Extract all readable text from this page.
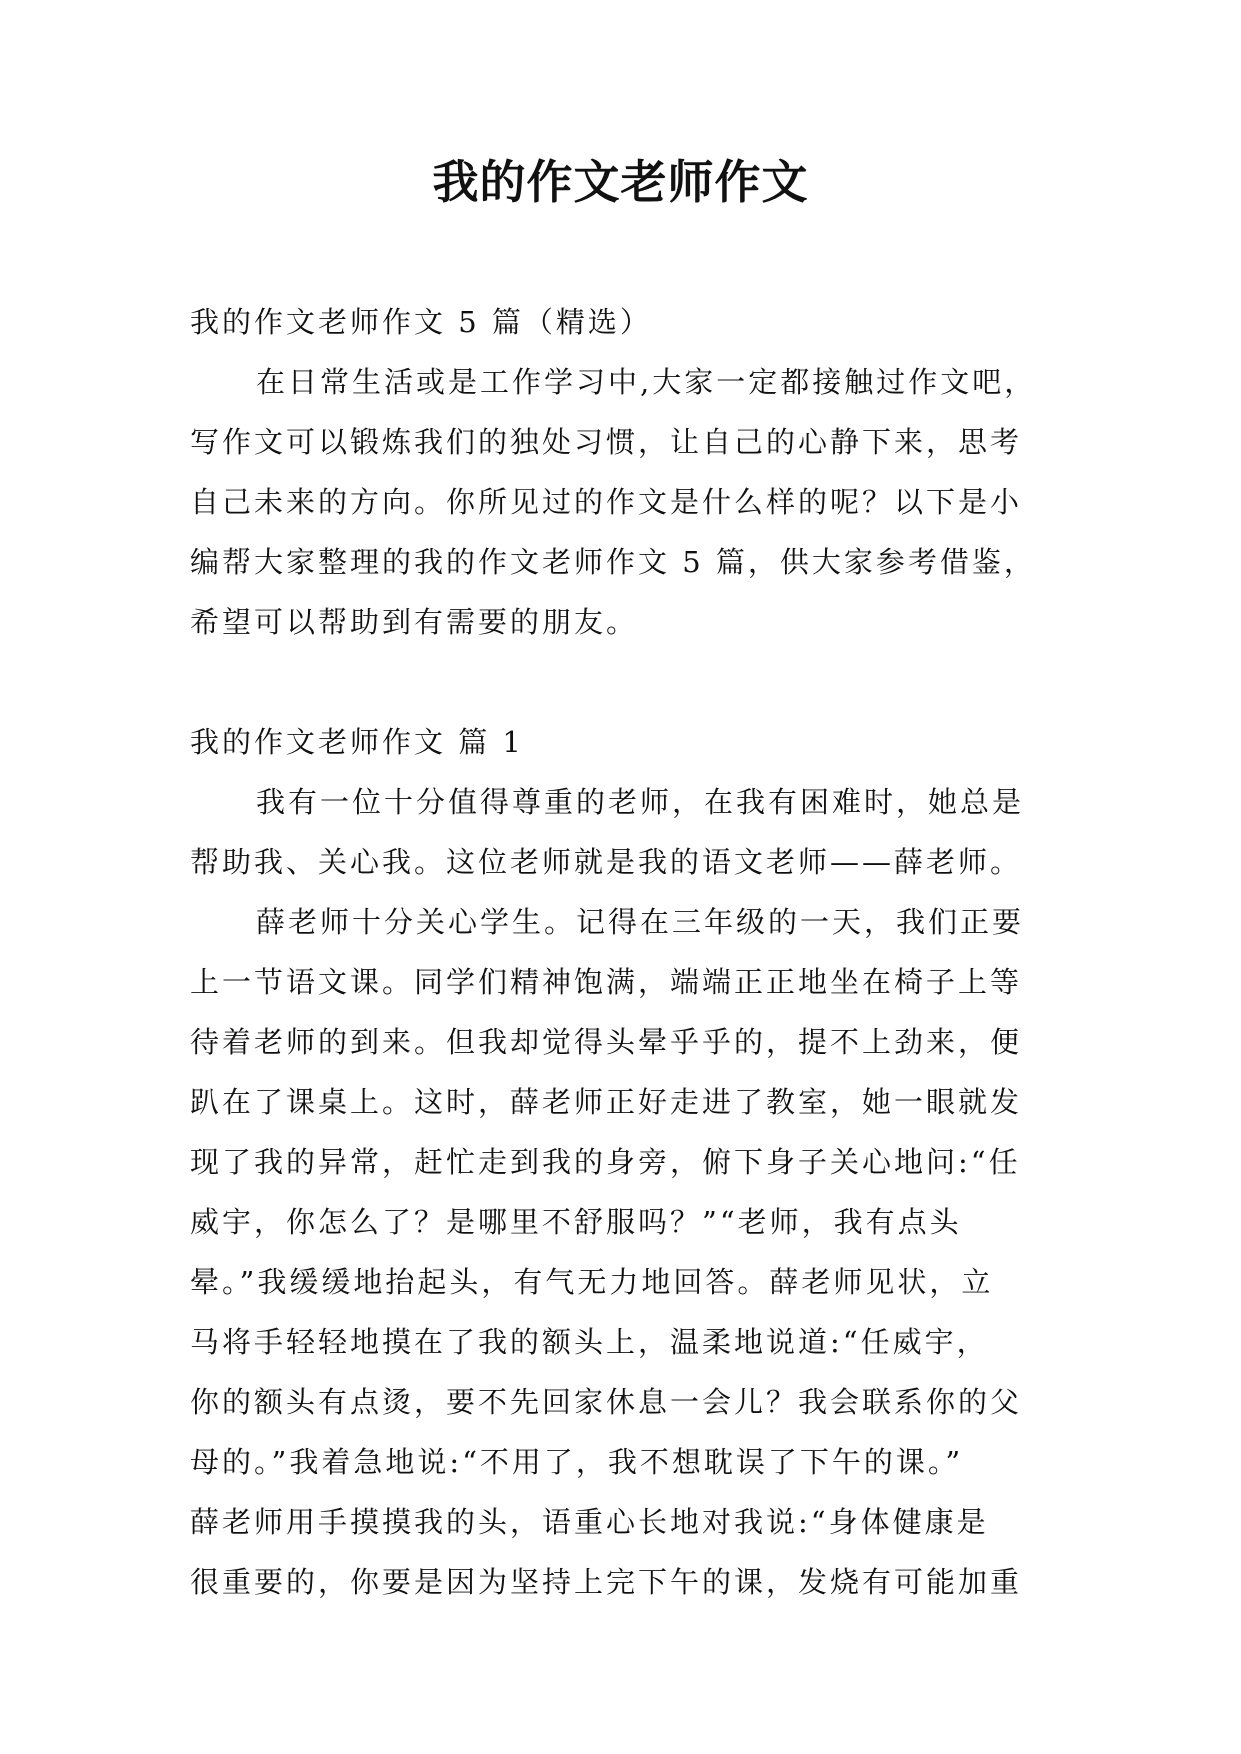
我的作文老师作文
我的作文老师作文 5 篇（精选）
在日常生活或是工作学习中,大家一定都接触过作文吧，
写作文可以锻炼我们的独处习惯，让自己的心静下来，思考
自己未来的方向。你所见过的作文是什么样的呢？以下是小
编帮大家整理的我的作文老师作文 5 篇，供大家参考借鉴，
希望可以帮助到有需要的朋友。
我的作文老师作文 篇 1
我有一位十分值得尊重的老师，在我有困难时，她总是
帮助我、关心我。这位老师就是我的语文老师——薛老师。
薛老师十分关心学生。记得在三年级的一天，我们正要
上一节语文课。同学们精神饱满，端端正正地坐在椅子上等
待着老师的到来。但我却觉得头晕乎乎的，提不上劲来，便
趴在了课桌上。这时，薛老师正好走进了教室，她一眼就发
现了我的异常，赶忙走到我的身旁，俯下身子关心地问:“任
威宇，你怎么了？是哪里不舒服吗？”“老师，我有点头
晕。”我缓缓地抬起头，有气无力地回答。薛老师见状，立
马将手轻轻地摸在了我的额头上，温柔地说道:“任威宇，
你的额头有点烫，要不先回家休息一会儿？我会联系你的父
母的。”我着急地说:“不用了，我不想耽误了下午的课。”
薛老师用手摸摸我的头，语重心长地对我说:“身体健康是
很重要的，你要是因为坚持上完下午的课，发烧有可能加重
